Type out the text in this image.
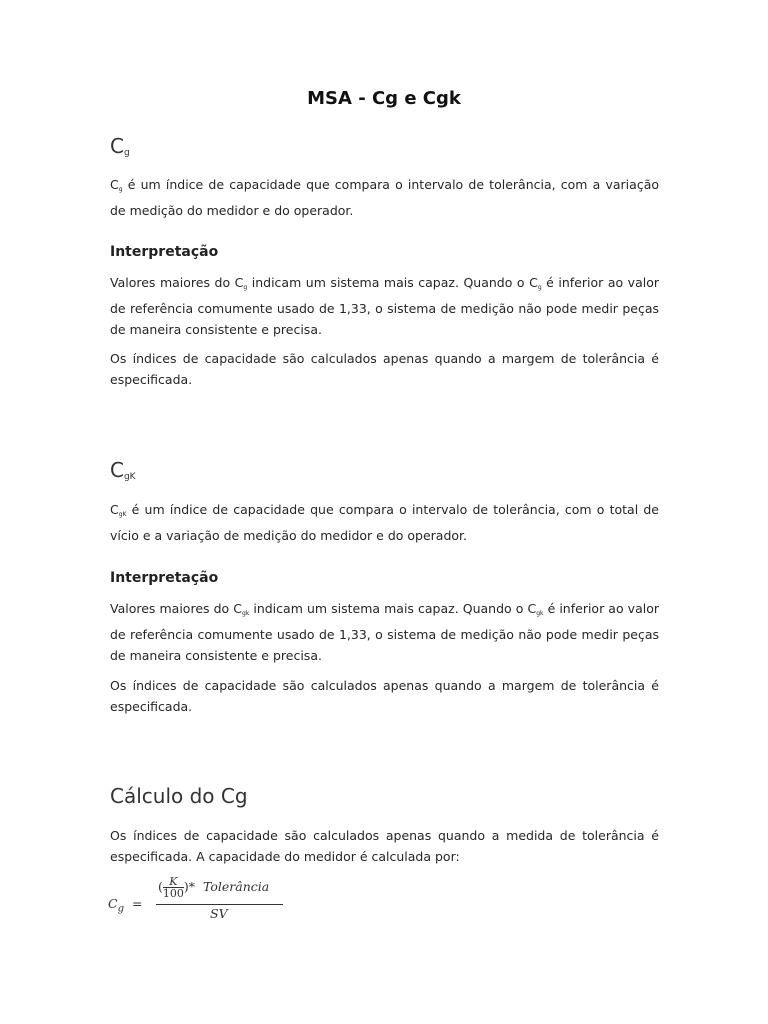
MSA - Cg e Cgk
$C_g$

$C_g$ é um índice de capacidade que compara o intervalo de tolerância, com a variação de medição do medidor e do operador.

Interpretação

Valores maiores do $C_g$ indicam um sistema mais capaz. Quando o $C_g$ é inferior ao valor de referência comumente usado de 1,33, o sistema de medição não pode medir peças de maneira consistente e precisa.

Os índices de capacidade são calculados apenas quando a margem de tolerância é especificada.

$C_{gK}$

$C_{gK}$ é um índice de capacidade que compara o intervalo de tolerância, com o total de vício e a variação de medição do medidor e do operador.

Interpretação

Valores maiores do $C_{gk}$ indicam um sistema mais capaz. Quando o $C_{gk}$ é inferior ao valor de referência comumente usado de 1,33, o sistema de medição não pode medir peças de maneira consistente e precisa.

Os índices de capacidade são calculados apenas quando a margem de tolerância é especificada.

Cálculo do Cg

Os índices de capacidade são calculados apenas quando a medida de tolerância é especificada. A capacidade do medidor é calculada por:

$C_g$ =
( $\frac{K}{100}$ )* Tolerância
SV
